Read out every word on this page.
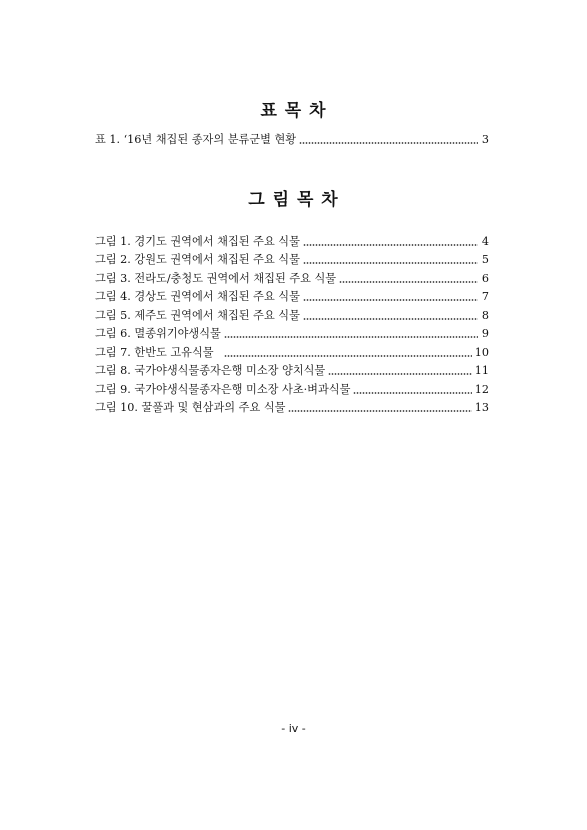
표 목 차
표 1. ‘16년 채집된 종자의 분류군별 현황	3
그 림 목 차
그림 1. 경기도 권역에서 채집된 주요 식물	4
그림 2. 강원도 권역에서 채집된 주요 식물	5
그림 3. 전라도/충청도 권역에서 채집된 주요 식물	6
그림 4. 경상도 권역에서 채집된 주요 식물	7
그림 5. 제주도 권역에서 채집된 주요 식물	8
그림 6. 멸종위기야생식물	9
그림 7. 한반도 고유식물	10
그림 8. 국가야생식물종자은행 미소장 양치식물	11
그림 9. 국가야생식물종자은행 미소장 사초·벼과식물	12
그림 10. 꿀풀과 및 현삼과의 주요 식물	13
- iv -
